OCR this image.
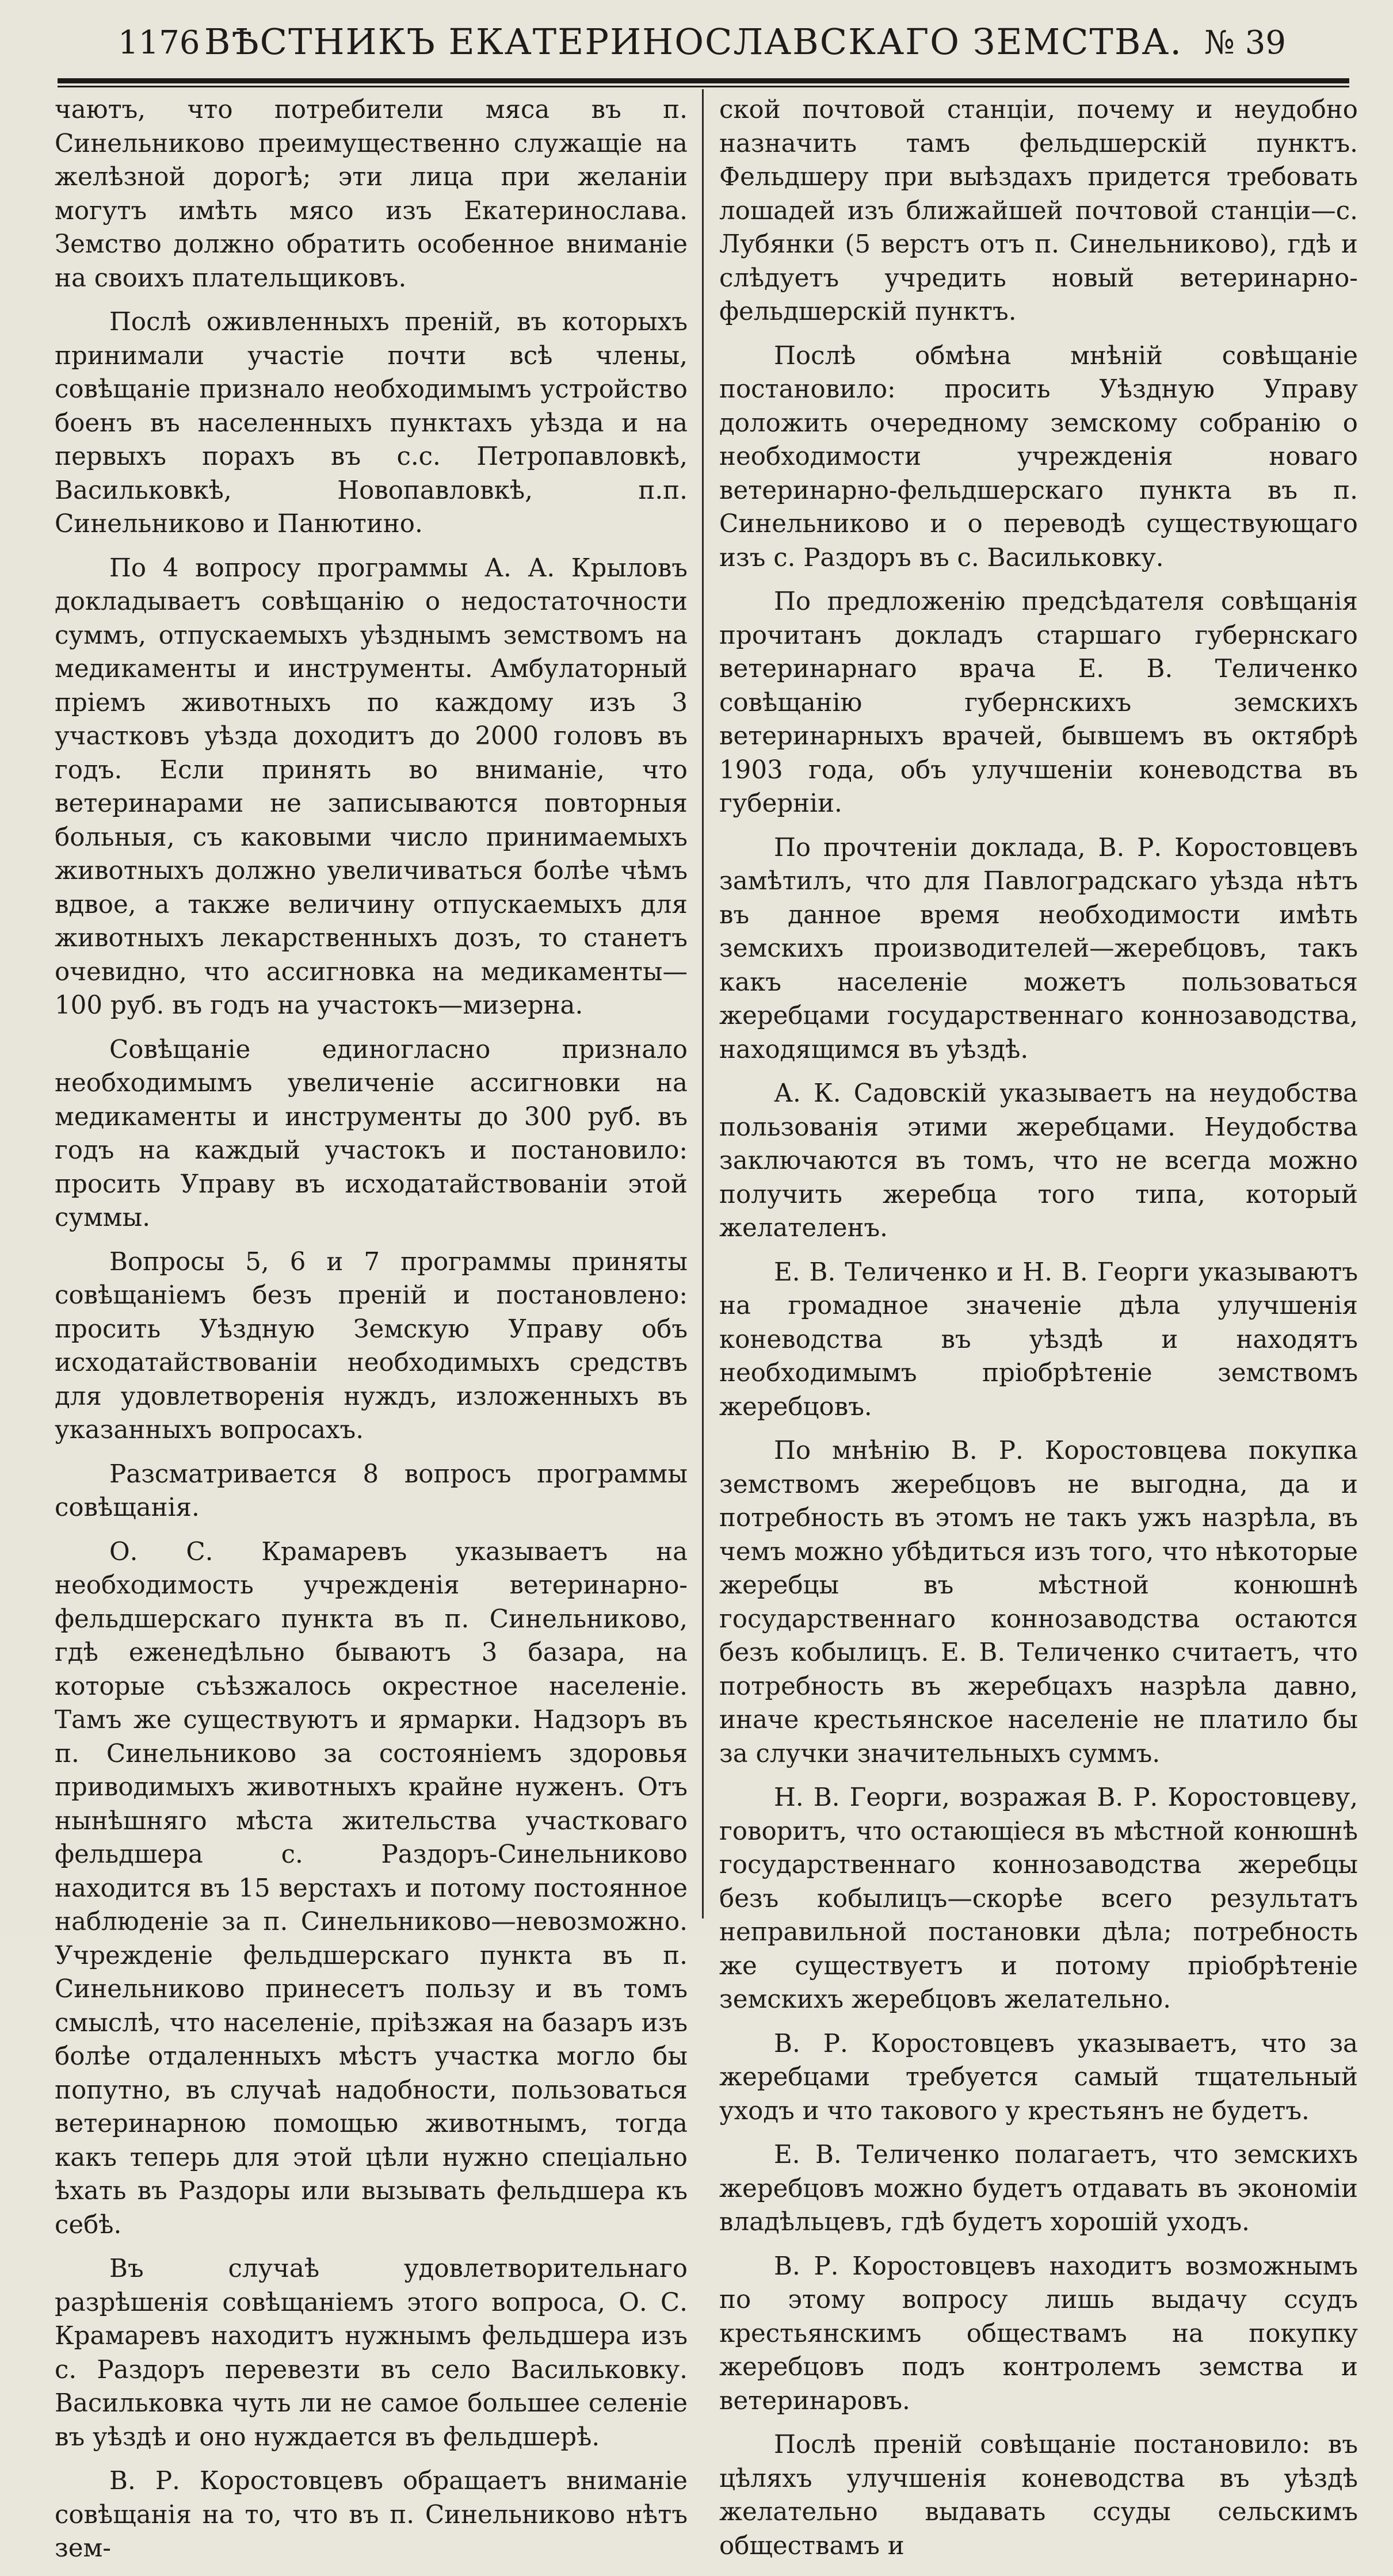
1176 ВѢСТНИКЪ ЕКАТЕРИНОСЛАВСКАГО ЗЕМСТВА. № 39

чаютъ, что потребители мяса въ п. Синельниково преимущественно служащіе на желѣзной дорогѣ; эти лица при желаніи могутъ имѣть мясо изъ Екатеринослава. Земство должно обратить особенное вниманіе на своихъ плательщиковъ.

Послѣ оживленныхъ преній, въ которыхъ принимали участіе почти всѣ члены, совѣщаніе признало необходимымъ устройство боенъ въ населенныхъ пунктахъ уѣзда и на первыхъ порахъ въ с.с. Петропавловкѣ, Васильковкѣ, Новопавловкѣ, п.п. Синельниково и Панютино.

По 4 вопросу программы А. А. Крыловъ докладываетъ совѣщанію о недостаточности суммъ, отпускаемыхъ уѣзднымъ земствомъ на медикаменты и инструменты. Амбулаторный пріемъ животныхъ по каждому изъ 3 участковъ уѣзда доходитъ до 2000 головъ въ годъ. Если принять во вниманіе, что ветеринарами не записываются повторныя больныя, съ каковыми число принимаемыхъ животныхъ должно увеличиваться болѣе чѣмъ вдвое, а также величину отпускаемыхъ для животныхъ лекарственныхъ дозъ, то станетъ очевидно, что ассигновка на медикаменты—100 руб. въ годъ на участокъ—мизерна.

Совѣщаніе единогласно признало необходимымъ увеличеніе ассигновки на медикаменты и инструменты до 300 руб. въ годъ на каждый участокъ и постановило: просить Управу въ исходатайствованіи этой суммы.

Вопросы 5, 6 и 7 программы приняты совѣщаніемъ безъ преній и постановлено: просить Уѣздную Земскую Управу объ исходатайствованіи необходимыхъ средствъ для удовлетворенія нуждъ, изложенныхъ въ указанныхъ вопросахъ.

Разсматривается 8 вопросъ программы совѣщанія.

О. С. Крамаревъ указываетъ на необходимость учрежденія ветеринарно-фельдшерскаго пункта въ п. Синельниково, гдѣ еженедѣльно бываютъ 3 базара, на которые съѣзжалось окрестное населеніе. Тамъ же существуютъ и ярмарки. Надзоръ въ п. Синельниково за состояніемъ здоровья приводимыхъ животныхъ крайне нуженъ. Отъ нынѣшняго мѣста жительства участковаго фельдшера с. Раздоръ-Синельниково находится въ 15 верстахъ и потому постоянное наблюденіе за п. Синельниково—невозможно. Учрежденіе фельдшерскаго пункта въ п. Синельниково принесетъ пользу и въ томъ смыслѣ, что населеніе, пріѣзжая на базаръ изъ болѣе отдаленныхъ мѣстъ участка могло бы попутно, въ случаѣ надобности, пользоваться ветеринарною помощью животнымъ, тогда какъ теперь для этой цѣли нужно спеціально ѣхать въ Раздоры или вызывать фельдшера къ себѣ.

Въ случаѣ удовлетворительнаго разрѣшенія совѣщаніемъ этого вопроса, О. С. Крамаревъ находитъ нужнымъ фельдшера изъ с. Раздоръ перевезти въ село Васильковку. Васильковка чуть ли не самое большее селеніе въ уѣздѣ и оно нуждается въ фельдшерѣ.

В. Р. Коростовцевъ обращаетъ вниманіе совѣщанія на то, что въ п. Синельниково нѣтъ зем-

ской почтовой станціи, почему и неудобно назначить тамъ фельдшерскій пунктъ. Фельдшеру при выѣздахъ придется требовать лошадей изъ ближайшей почтовой станціи—с. Лубянки (5 верстъ отъ п. Синельниково), гдѣ и слѣдуетъ учредить новый ветеринарно-фельдшерскій пунктъ.

Послѣ обмѣна мнѣній совѣщаніе постановило: просить Уѣздную Управу доложить очередному земскому собранію о необходимости учрежденія новаго ветеринарно-фельдшерскаго пункта въ п. Синельниково и о переводѣ существующаго изъ с. Раздоръ въ с. Васильковку.

По предложенію предсѣдателя совѣщанія прочитанъ докладъ старшаго губернскаго ветеринарнаго врача Е. В. Теличенко совѣщанію губернскихъ земскихъ ветеринарныхъ врачей, бывшемъ въ октябрѣ 1903 года, объ улучшеніи коневодства въ губерніи.

По прочтеніи доклада, В. Р. Коростовцевъ замѣтилъ, что для Павлоградскаго уѣзда нѣтъ въ данное время необходимости имѣть земскихъ производителей—жеребцовъ, такъ какъ населеніе можетъ пользоваться жеребцами государственнаго коннозаводства, находящимся въ уѣздѣ.

А. К. Садовскій указываетъ на неудобства пользованія этими жеребцами. Неудобства заключаются въ томъ, что не всегда можно получить жеребца того типа, который желателенъ.

Е. В. Теличенко и Н. В. Георги указываютъ на громадное значеніе дѣла улучшенія коневодства въ уѣздѣ и находятъ необходимымъ пріобрѣтеніе земствомъ жеребцовъ.

По мнѣнію В. Р. Коростовцева покупка земствомъ жеребцовъ не выгодна, да и потребность въ этомъ не такъ ужъ назрѣла, въ чемъ можно убѣдиться изъ того, что нѣкоторые жеребцы въ мѣстной конюшнѣ государственнаго коннозаводства остаются безъ кобылицъ. Е. В. Теличенко считаетъ, что потребность въ жеребцахъ назрѣла давно, иначе крестьянское населеніе не платило бы за случки значительныхъ суммъ.

Н. В. Георги, возражая В. Р. Коростовцеву, говоритъ, что остающіеся въ мѣстной конюшнѣ государственнаго коннозаводства жеребцы безъ кобылицъ—скорѣе всего результатъ неправильной постановки дѣла; потребность же существуетъ и потому пріобрѣтеніе земскихъ жеребцовъ желательно.

В. Р. Коростовцевъ указываетъ, что за жеребцами требуется самый тщательный уходъ и что такового у крестьянъ не будетъ.

Е. В. Теличенко полагаетъ, что земскихъ жеребцовъ можно будетъ отдавать въ экономіи владѣльцевъ, гдѣ будетъ хорошій уходъ.

В. Р. Коростовцевъ находитъ возможнымъ по этому вопросу лишь выдачу ссудъ крестьянскимъ обществамъ на покупку жеребцовъ подъ контролемъ земства и ветеринаровъ.

Послѣ преній совѣщаніе постановило: въ цѣляхъ улучшенія коневодства въ уѣздѣ желательно выдавать ссуды сельскимъ обществамъ и
